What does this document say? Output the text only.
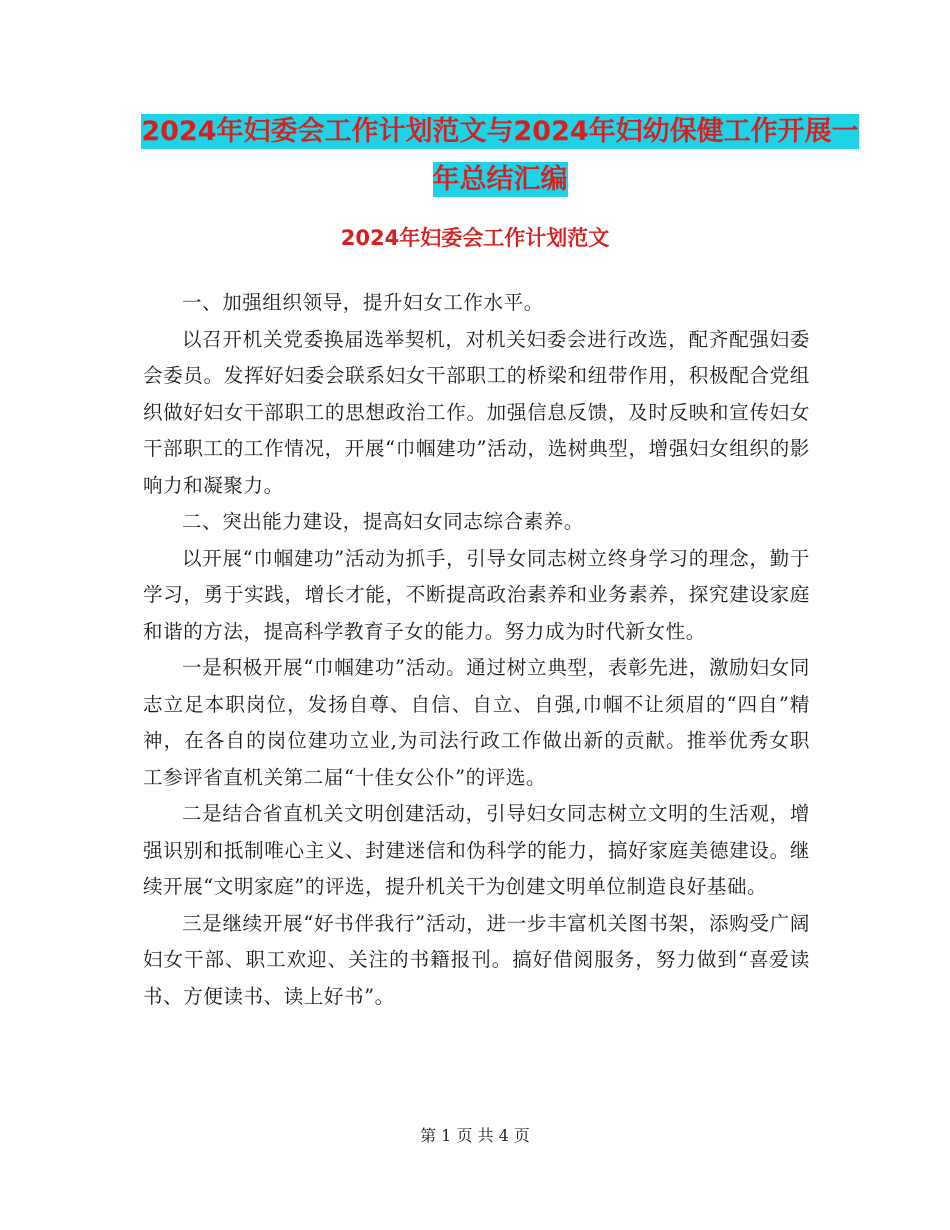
2024年妇委会工作计划范文与2024年妇幼保健工作开展一年总结汇编
2024年妇委会工作计划范文

一、加强组织领导，提升妇女工作水平。

以召开机关党委换届选举契机，对机关妇委会进行改选，配齐配强妇委会委员。发挥好妇委会联系妇女干部职工的桥梁和纽带作用，积极配合党组织做好妇女干部职工的思想政治工作。加强信息反馈，及时反映和宣传妇女干部职工的工作情况，开展“巾帼建功”活动，选树典型，增强妇女组织的影响力和凝聚力。

二、突出能力建设，提高妇女同志综合素养。

以开展“巾帼建功”活动为抓手，引导女同志树立终身学习的理念，勤于学习，勇于实践，增长才能，不断提高政治素养和业务素养，探究建设家庭和谐的方法，提高科学教育子女的能力。努力成为时代新女性。

一是积极开展“巾帼建功”活动。通过树立典型，表彰先进，激励妇女同志立足本职岗位，发扬自尊、自信、自立、自强,巾帼不让须眉的“四自”精神，在各自的岗位建功立业,为司法行政工作做出新的贡献。推举优秀女职工参评省直机关第二届“十佳女公仆”的评选。

二是结合省直机关文明创建活动，引导妇女同志树立文明的生活观，增强识别和抵制唯心主义、封建迷信和伪科学的能力，搞好家庭美德建设。继续开展“文明家庭”的评选，提升机关干为创建文明单位制造良好基础。

三是继续开展“好书伴我行”活动，进一步丰富机关图书架，添购受广阔妇女干部、职工欢迎、关注的书籍报刊。搞好借阅服务，努力做到“喜爱读书、方便读书、读上好书”。

第 1 页 共 4 页
